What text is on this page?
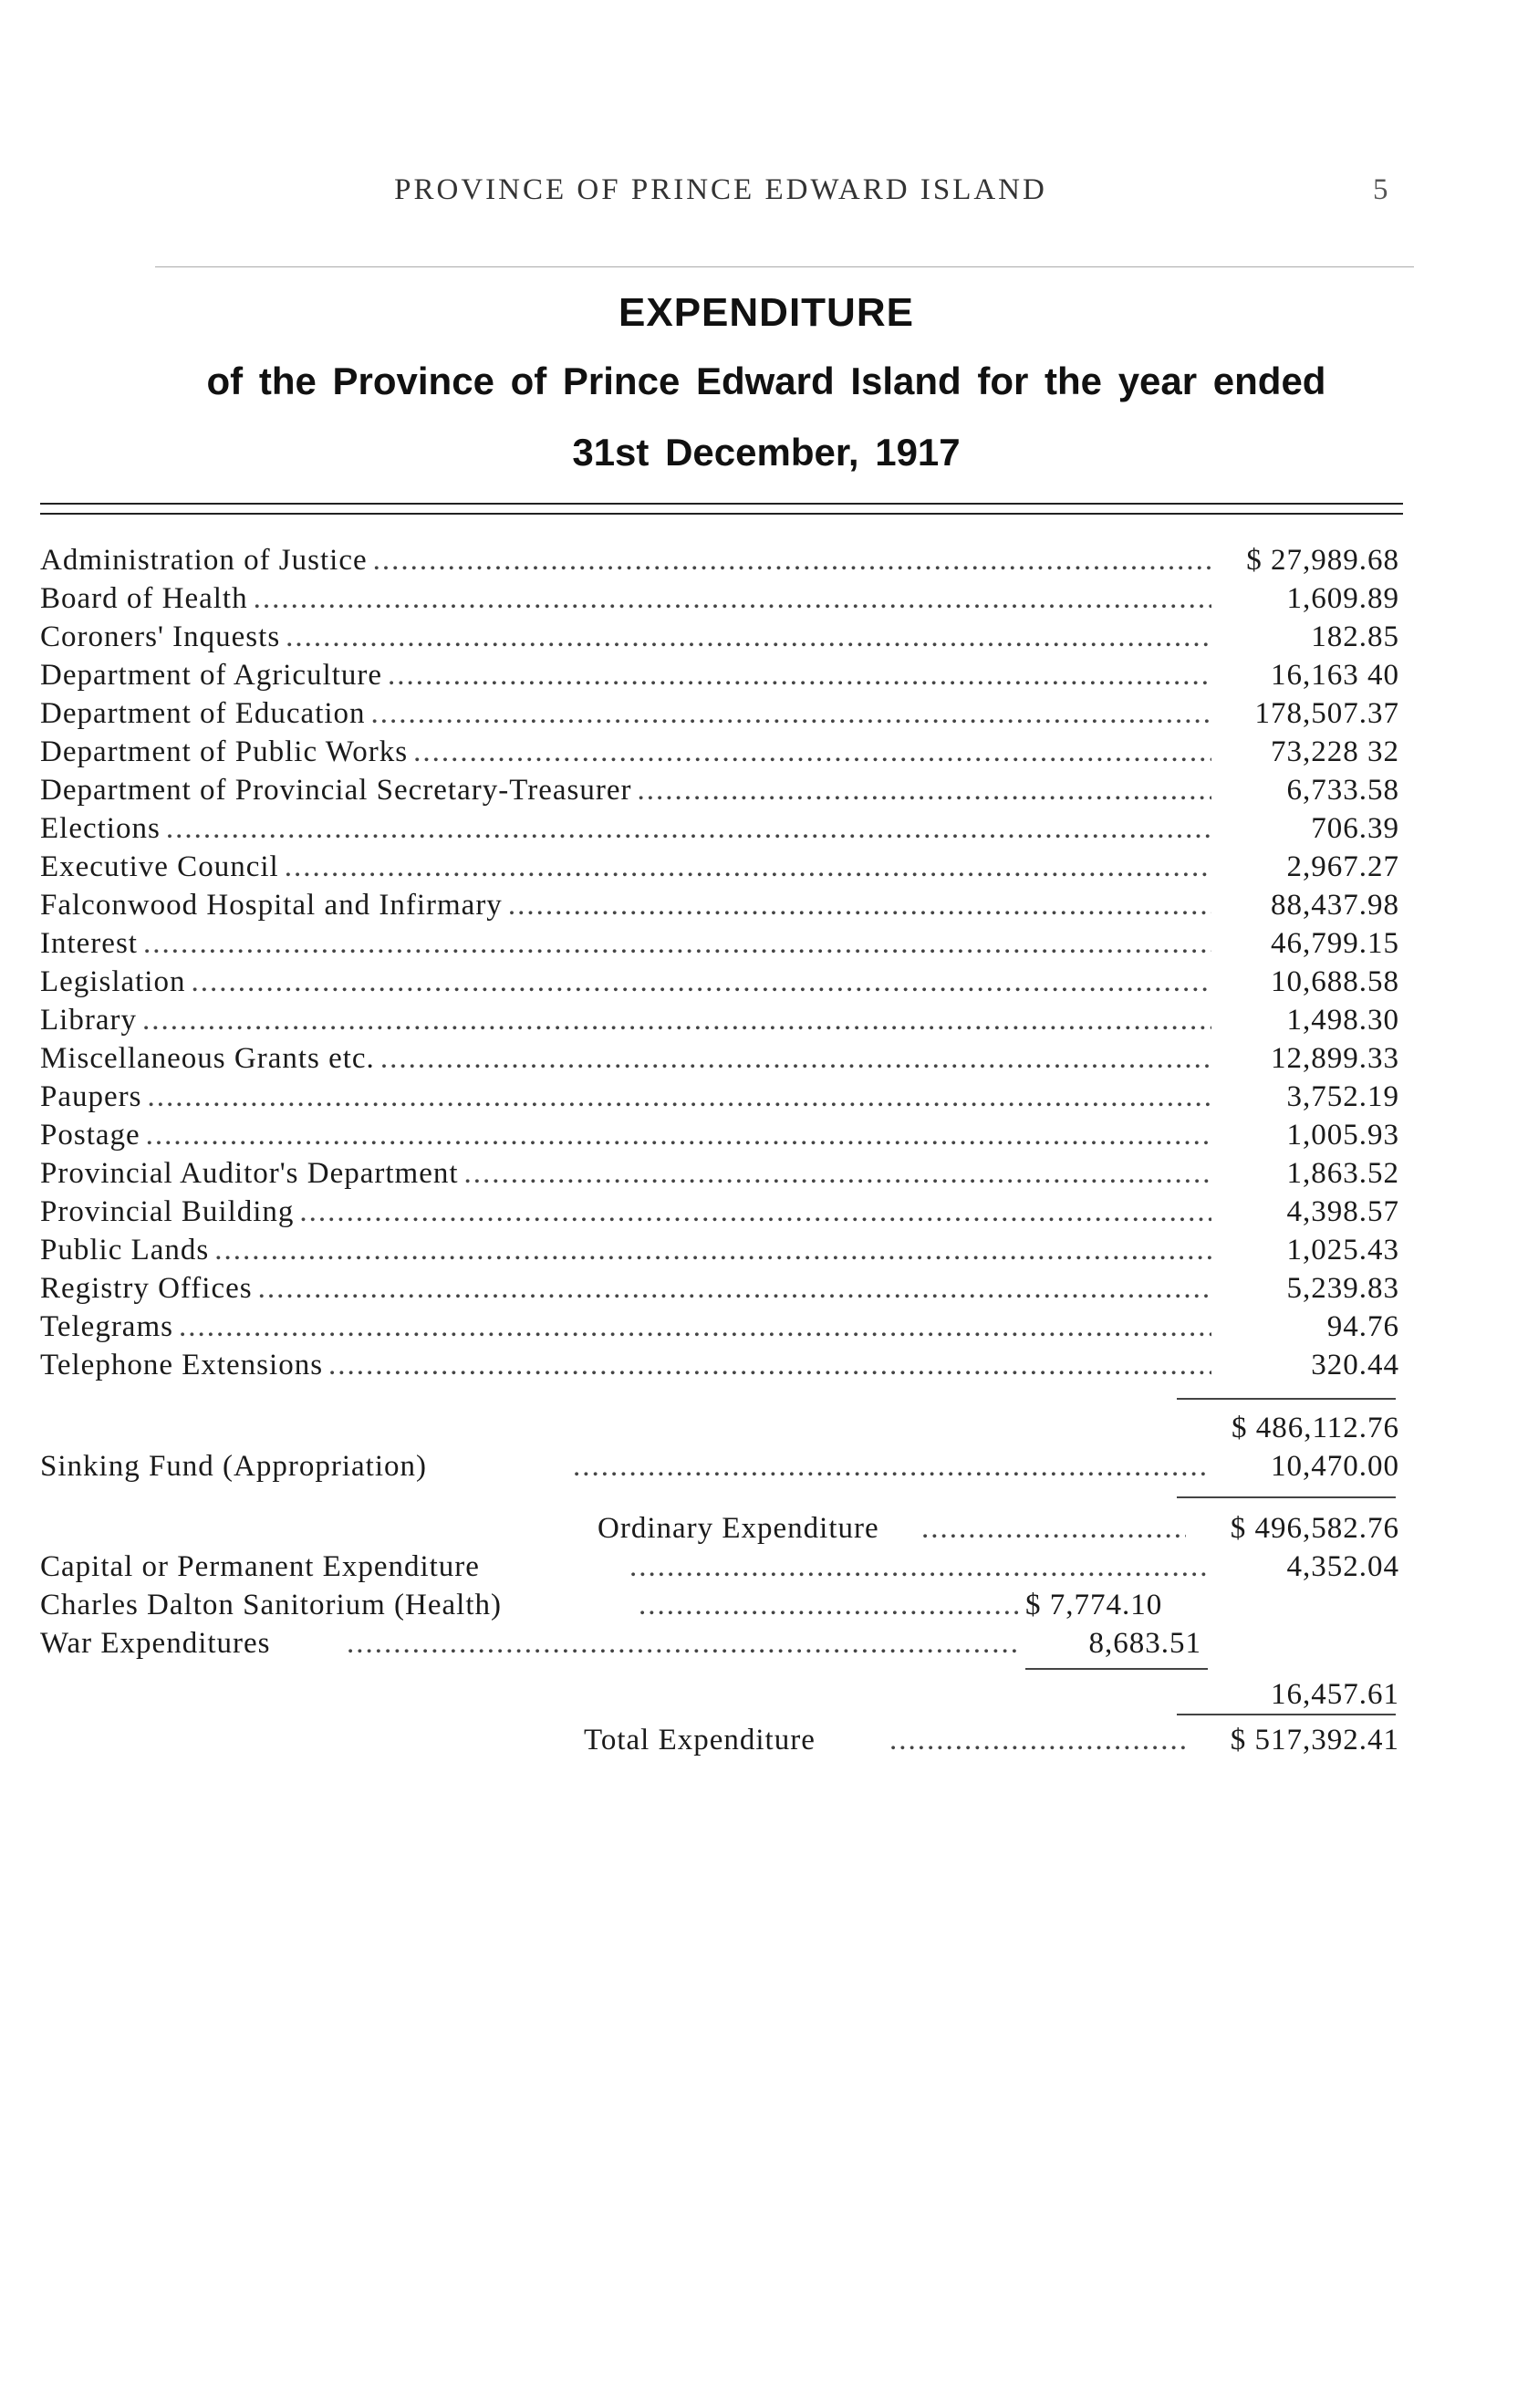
PROVINCE OF PRINCE EDWARD ISLAND	5
EXPENDITURE
of the Province of Prince Edward Island for the year ended
31st December, 1917
Administration of Justice .....	$ 27,989.68
Board of Health .....	1,609.89
Coroners' Inquests .....	182.85
Department of Agriculture .....	16,163 40
Department of Education .....	178,507.37
Department of Public Works .....	73,228 32
Department of Provincial Secretary-Treasurer .....	6,733.58
Elections .....	706.39
Executive Council .....	2,967.27
Falconwood Hospital and Infirmary .....	88,437.98
Interest .....	46,799.15
Legislation .....	10,688.58
Library .....	1,498.30
Miscellaneous Grants etc. .....	12,899.33
Paupers .....	3,752.19
Postage .....	1,005.93
Provincial Auditor's Department .....	1,863.52
Provincial Building .....	4,398.57
Public Lands .....	1,025.43
Registry Offices .....	5,239.83
Telegrams .....	94.76
Telephone Extensions .....	320.44
$ 486,112.76
Sinking Fund (Appropriation) .....	10,470.00
Ordinary Expenditure .....	$ 496,582.76
Capital or Permanent Expenditure .....	4,352.04
Charles Dalton Sanitorium (Health) .....	$ 7,774.10
War Expenditures .....	8,683.51
16,457.61
Total Expenditure .....	$ 517,392.41
